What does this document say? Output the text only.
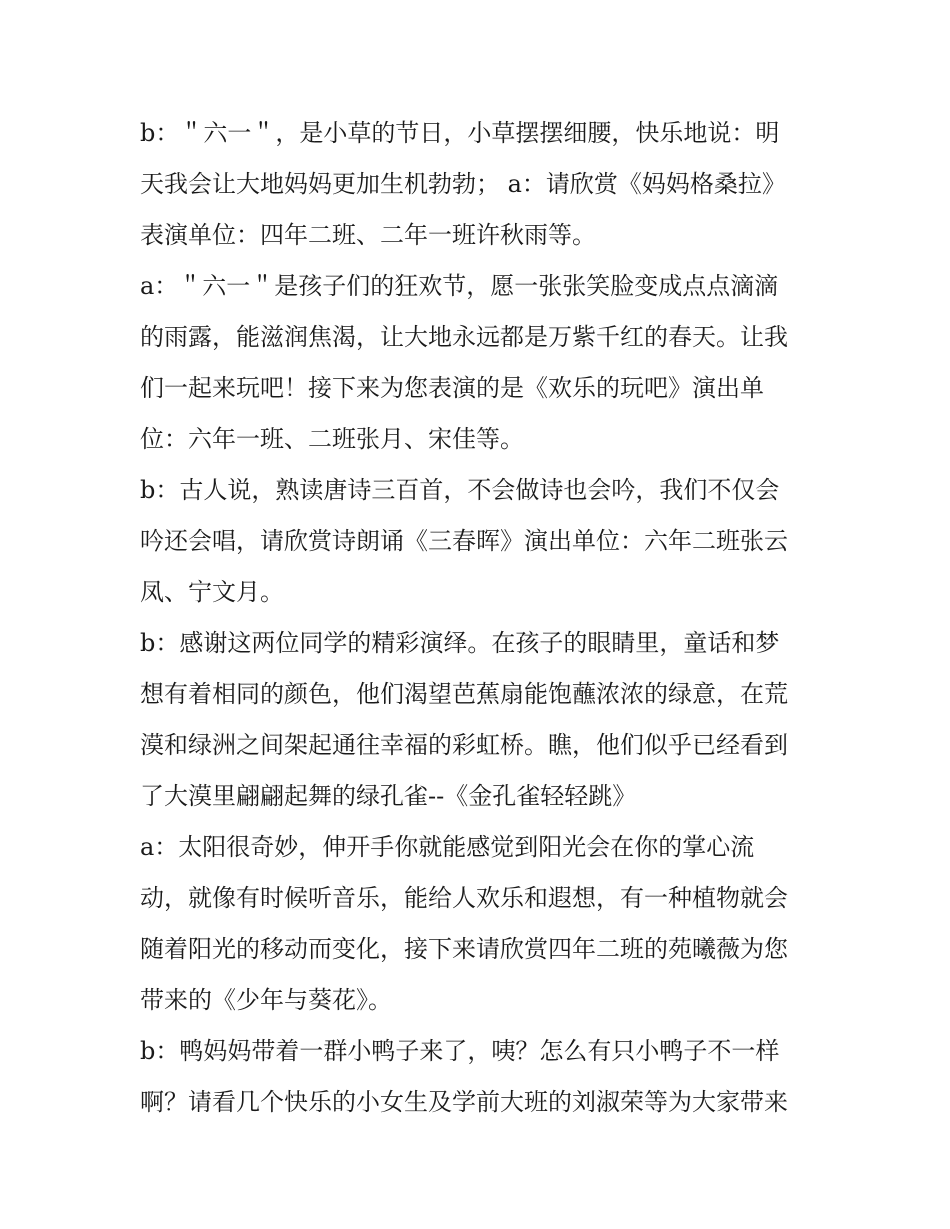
b：＂六一＂，是小草的节日，小草摆摆细腰，快乐地说：明
天我会让大地妈妈更加生机勃勃； a：请欣赏《妈妈格桑拉》
表演单位：四年二班、二年一班许秋雨等。

a：＂六一＂是孩子们的狂欢节，愿一张张笑脸变成点点滴滴
的雨露，能滋润焦渴，让大地永远都是万紫千红的春天。让我
们一起来玩吧！接下来为您表演的是《欢乐的玩吧》演出单
位：六年一班、二班张月、宋佳等。

b：古人说，熟读唐诗三百首，不会做诗也会吟，我们不仅会
吟还会唱，请欣赏诗朗诵《三春晖》演出单位：六年二班张云
凤、宁文月。

b：感谢这两位同学的精彩演绎。在孩子的眼睛里，童话和梦
想有着相同的颜色，他们渴望芭蕉扇能饱蘸浓浓的绿意，在荒
漠和绿洲之间架起通往幸福的彩虹桥。瞧，他们似乎已经看到
了大漠里翩翩起舞的绿孔雀--《金孔雀轻轻跳》

a：太阳很奇妙，伸开手你就能感觉到阳光会在你的掌心流
动，就像有时候听音乐，能给人欢乐和遐想，有一种植物就会
随着阳光的移动而变化，接下来请欣赏四年二班的苑曦薇为您
带来的《少年与葵花》。

b：鸭妈妈带着一群小鸭子来了，咦？怎么有只小鸭子不一样
啊？请看几个快乐的小女生及学前大班的刘淑荣等为大家带来
